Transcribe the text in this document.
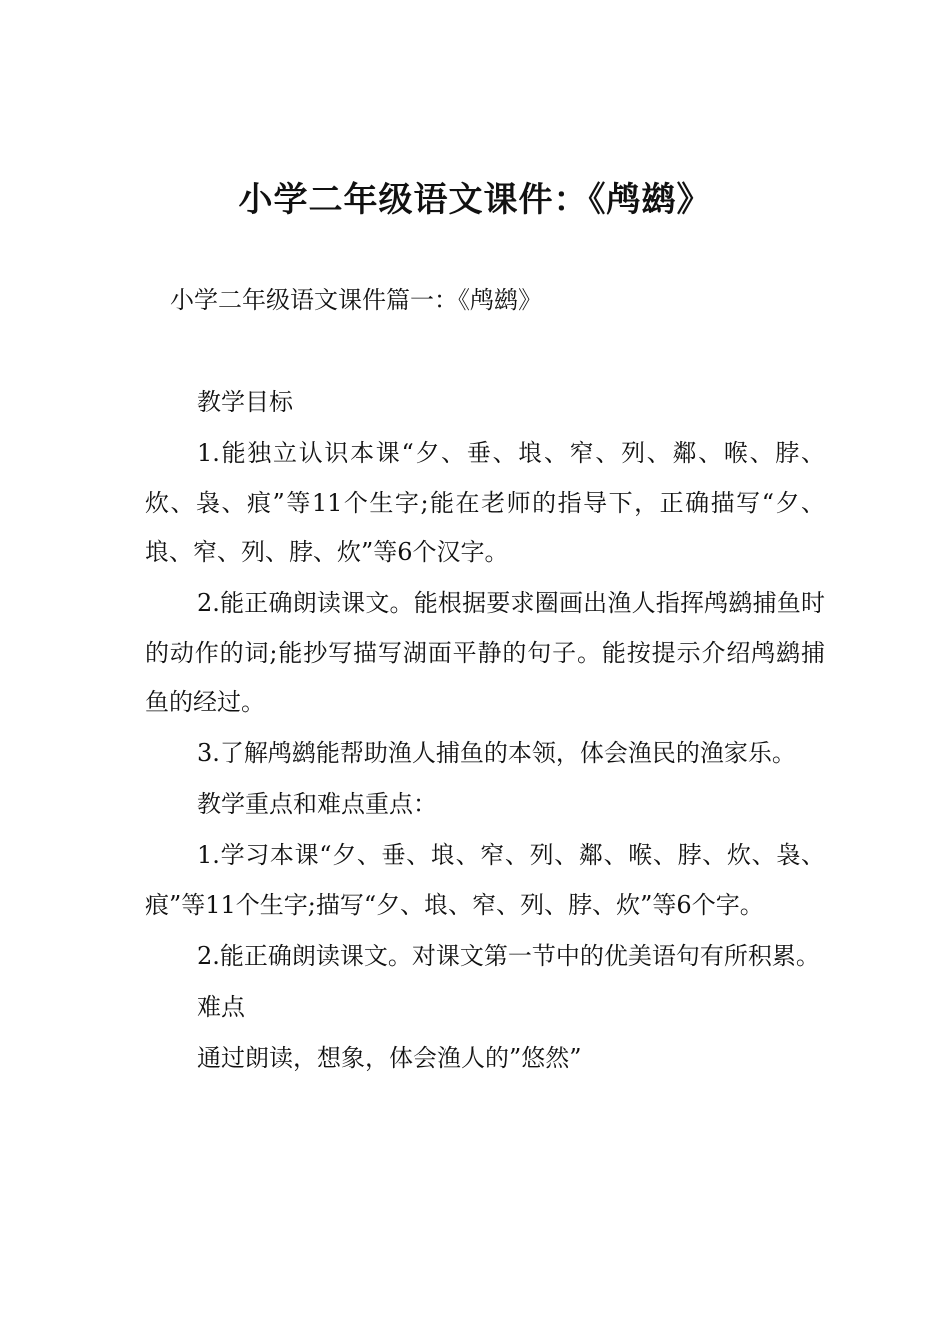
小学二年级语文课件：《鸬鹚》
小学二年级语文课件篇一：《鸬鹚》

教学目标

1.能独立认识本课“夕、垂、埌、窄、列、鄰、喉、脖、炊、袅、痕”等11个生字;能在老师的指导下，正确描写“夕、埌、窄、列、脖、炊”等6个汉字。

2.能正确朗读课文。能根据要求圈画出渔人指挥鸬鹚捕鱼时的动作的词;能抄写描写湖面平静的句子。能按提示介绍鸬鹚捕鱼的经过。

3.了解鸬鹚能帮助渔人捕鱼的本领，体会渔民的渔家乐。

教学重点和难点重点：

1.学习本课“夕、垂、埌、窄、列、鄰、喉、脖、炊、袅、痕”等11个生字;描写“夕、埌、窄、列、脖、炊”等6个字。

2.能正确朗读课文。对课文第一节中的优美语句有所积累。

难点

通过朗读，想象，体会渔人的”悠然”
